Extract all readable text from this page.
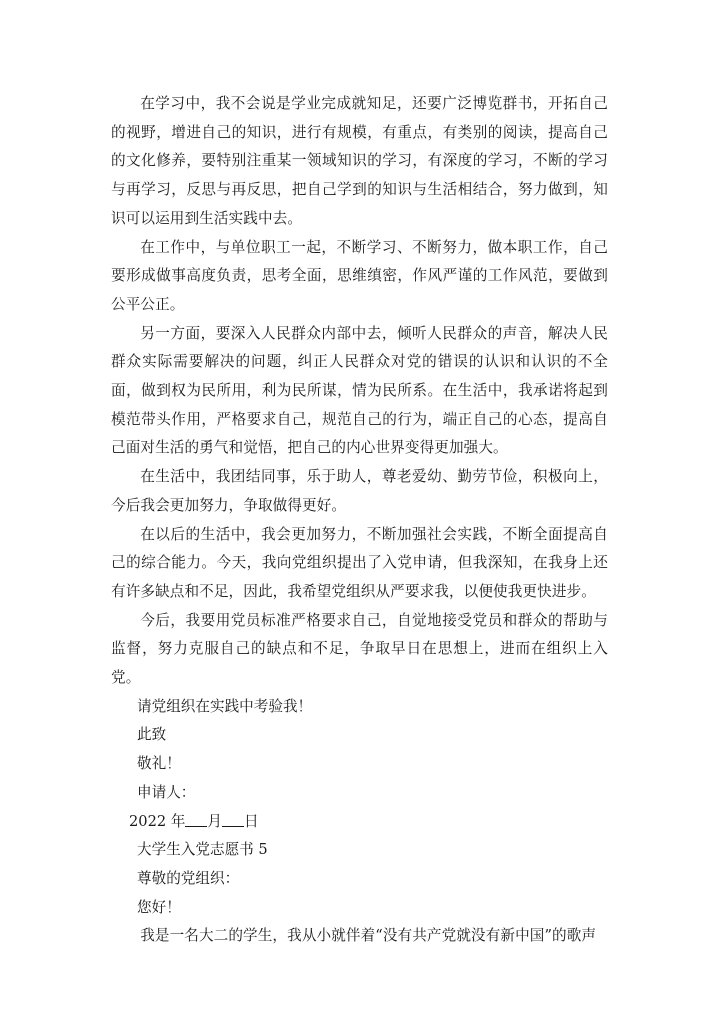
在学习中，我不会说是学业完成就知足，还要广泛博览群书，开拓自己的视野，增进自己的知识，进行有规模，有重点，有类别的阅读，提高自己的文化修养，要特别注重某一领域知识的学习，有深度的学习，不断的学习与再学习，反思与再反思，把自己学到的知识与生活相结合，努力做到，知识可以运用到生活实践中去。

在工作中，与单位职工一起，不断学习、不断努力，做本职工作，自己要形成做事高度负责，思考全面，思维缜密，作风严谨的工作风范，要做到公平公正。

另一方面，要深入人民群众内部中去，倾听人民群众的声音，解决人民群众实际需要解决的问题，纠正人民群众对党的错误的认识和认识的不全面，做到权为民所用，利为民所谋，情为民所系。在生活中，我承诺将起到模范带头作用，严格要求自己，规范自己的行为，端正自己的心态，提高自己面对生活的勇气和觉悟，把自己的内心世界变得更加强大。

在生活中，我团结同事，乐于助人，尊老爱幼、勤劳节俭，积极向上，今后我会更加努力，争取做得更好。

在以后的生活中，我会更加努力，不断加强社会实践，不断全面提高自己的综合能力。今天，我向党组织提出了入党申请，但我深知，在我身上还有许多缺点和不足，因此，我希望党组织从严要求我，以便使我更快进步。

今后，我要用党员标准严格要求自己，自觉地接受党员和群众的帮助与监督，努力克服自己的缺点和不足，争取早日在思想上，进而在组织上入党。

请党组织在实践中考验我！

此致

敬礼！

申请人：

2022 年 月 日

大学生入党志愿书 5

尊敬的党组织：

您好！

我是一名大二的学生，我从小就伴着“没有共产党就没有新中国”的歌声
